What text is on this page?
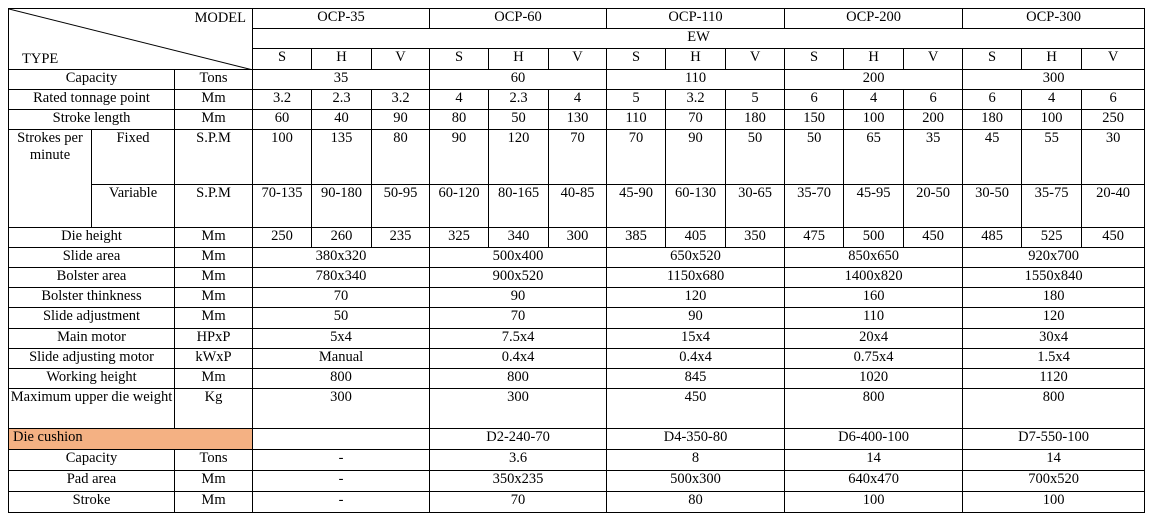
MODEL
TYPE			OCP-35			OCP-60			OCP-110			OCP-200			OCP-300		
			EW														
			S	H	V	S	H	V	S	H	V	S	H	V	S	H	V
Capacity		Tons	35			60			110			200			300		
Rated tonnage point		Mm	3.2	2.3	3.2	4	2.3	4	5	3.2	5	6	4	6	6	4	6
Stroke length		Mm	60	40	90	80	50	130	110	70	180	150	100	200	180	100	250
Strokes per minute	Fixed	S.P.M	100	135	80	90	120	70	70	90	50	50	65	35	45	55	30
	Variable	S.P.M	70-135	90-180	50-95	60-120	80-165	40-85	45-90	60-130	30-65	35-70	45-95	20-50	30-50	35-75	20-40
Die height		Mm	250	260	235	325	340	300	385	405	350	475	500	450	485	525	450
Slide area		Mm	380x320			500x400			650x520			850x650			920x700		
Bolster area		Mm	780x340			900x520			1150x680			1400x820			1550x840		
Bolster thinkness		Mm	70			90			120			160			180		
Slide adjustment		Mm	50			70			90			110			120		
Main motor		HPxP	5x4			7.5x4			15x4			20x4			30x4		
Slide adjusting motor		kWxP	Manual			0.4x4			0.4x4			0.75x4			1.5x4		
Working height		Mm	800			800			845			1020			1120		
Maximum upper die weight		Kg	300			300			450			800			800		
Die cushion						D2-240-70			D4-350-80			D6-400-100			D7-550-100		
Capacity		Tons	-			3.6			8			14			14		
Pad area		Mm	-			350x235			500x300			640x470			700x520		
Stroke		Mm	-			70			80			100			100		
